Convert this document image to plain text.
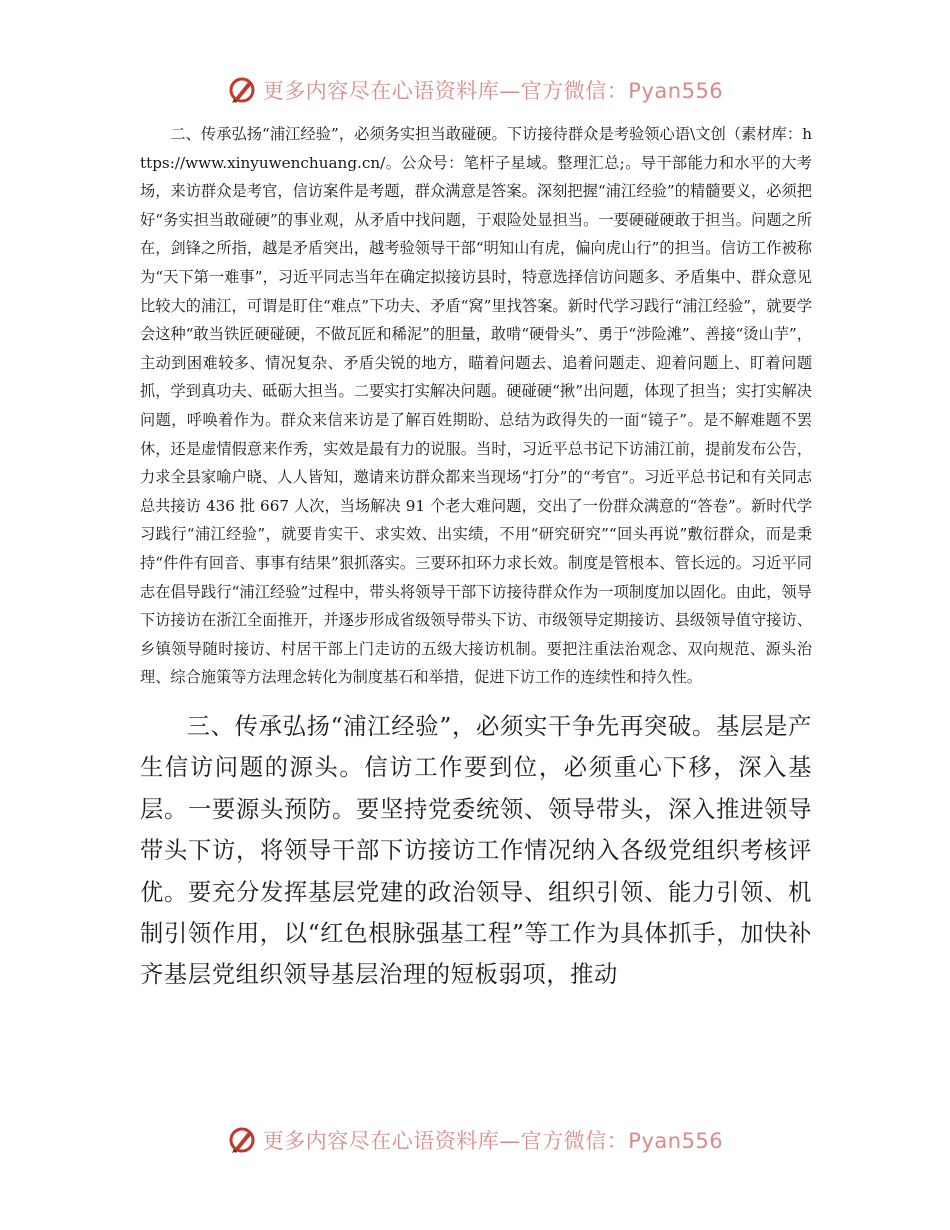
更多内容尽在心语资料库—官方微信：Pyan556

二、传承弘扬“浦江经验”，必须务实担当敢碰硬。下访接待群众是考验领心语\文创（素材库：https://www.xinyuwenchuang.cn/。公众号：笔杆子星域。整理汇总;。导干部能力和水平的大考场，来访群众是考官，信访案件是考题，群众满意是答案。深刻把握“浦江经验”的精髓要义，必须把好“务实担当敢碰硬”的事业观，从矛盾中找问题，于艰险处显担当。一要硬碰硬敢于担当。问题之所在，剑锋之所指，越是矛盾突出，越考验领导干部“明知山有虎，偏向虎山行”的担当。信访工作被称为“天下第一难事”，习近平同志当年在确定拟接访县时，特意选择信访问题多、矛盾集中、群众意见比较大的浦江，可谓是盯住“难点”下功夫、矛盾“窝”里找答案。新时代学习践行“浦江经验”，就要学会这种“敢当铁匠硬碰硬，不做瓦匠和稀泥”的胆量，敢啃“硬骨头”、勇于“涉险滩”、善接“烫山芋”，主动到困难较多、情况复杂、矛盾尖锐的地方，瞄着问题去、追着问题走、迎着问题上、盯着问题抓，学到真功夫、砥砺大担当。二要实打实解决问题。硬碰硬“揪”出问题，体现了担当；实打实解决问题，呼唤着作为。群众来信来访是了解百姓期盼、总结为政得失的一面“镜子”。是不解难题不罢休，还是虚情假意来作秀，实效是最有力的说服。当时，习近平总书记下访浦江前，提前发布公告，力求全县家喻户晓、人人皆知，邀请来访群众都来当现场“打分”的“考官”。习近平总书记和有关同志总共接访 436 批 667 人次，当场解决 91 个老大难问题，交出了一份群众满意的“答卷”。新时代学习践行“浦江经验”，就要肯实干、求实效、出实绩，不用“研究研究”“回头再说”敷衍群众，而是秉持“件件有回音、事事有结果”狠抓落实。三要环扣环力求长效。制度是管根本、管长远的。习近平同志在倡导践行“浦江经验”过程中，带头将领导干部下访接待群众作为一项制度加以固化。由此，领导下访接访在浙江全面推开，并逐步形成省级领导带头下访、市级领导定期接访、县级领导值守接访、乡镇领导随时接访、村居干部上门走访的五级大接访机制。要把注重法治观念、双向规范、源头治理、综合施策等方法理念转化为制度基石和举措，促进下访工作的连续性和持久性。

三、传承弘扬“浦江经验”，必须实干争先再突破。基层是产生信访问题的源头。信访工作要到位，必须重心下移，深入基层。一要源头预防。要坚持党委统领、领导带头，深入推进领导带头下访，将领导干部下访接访工作情况纳入各级党组织考核评优。要充分发挥基层党建的政治领导、组织引领、能力引领、机制引领作用，以“红色根脉强基工程”等工作为具体抓手，加快补齐基层党组织领导基层治理的短板弱项，推动

更多内容尽在心语资料库—官方微信：Pyan556
